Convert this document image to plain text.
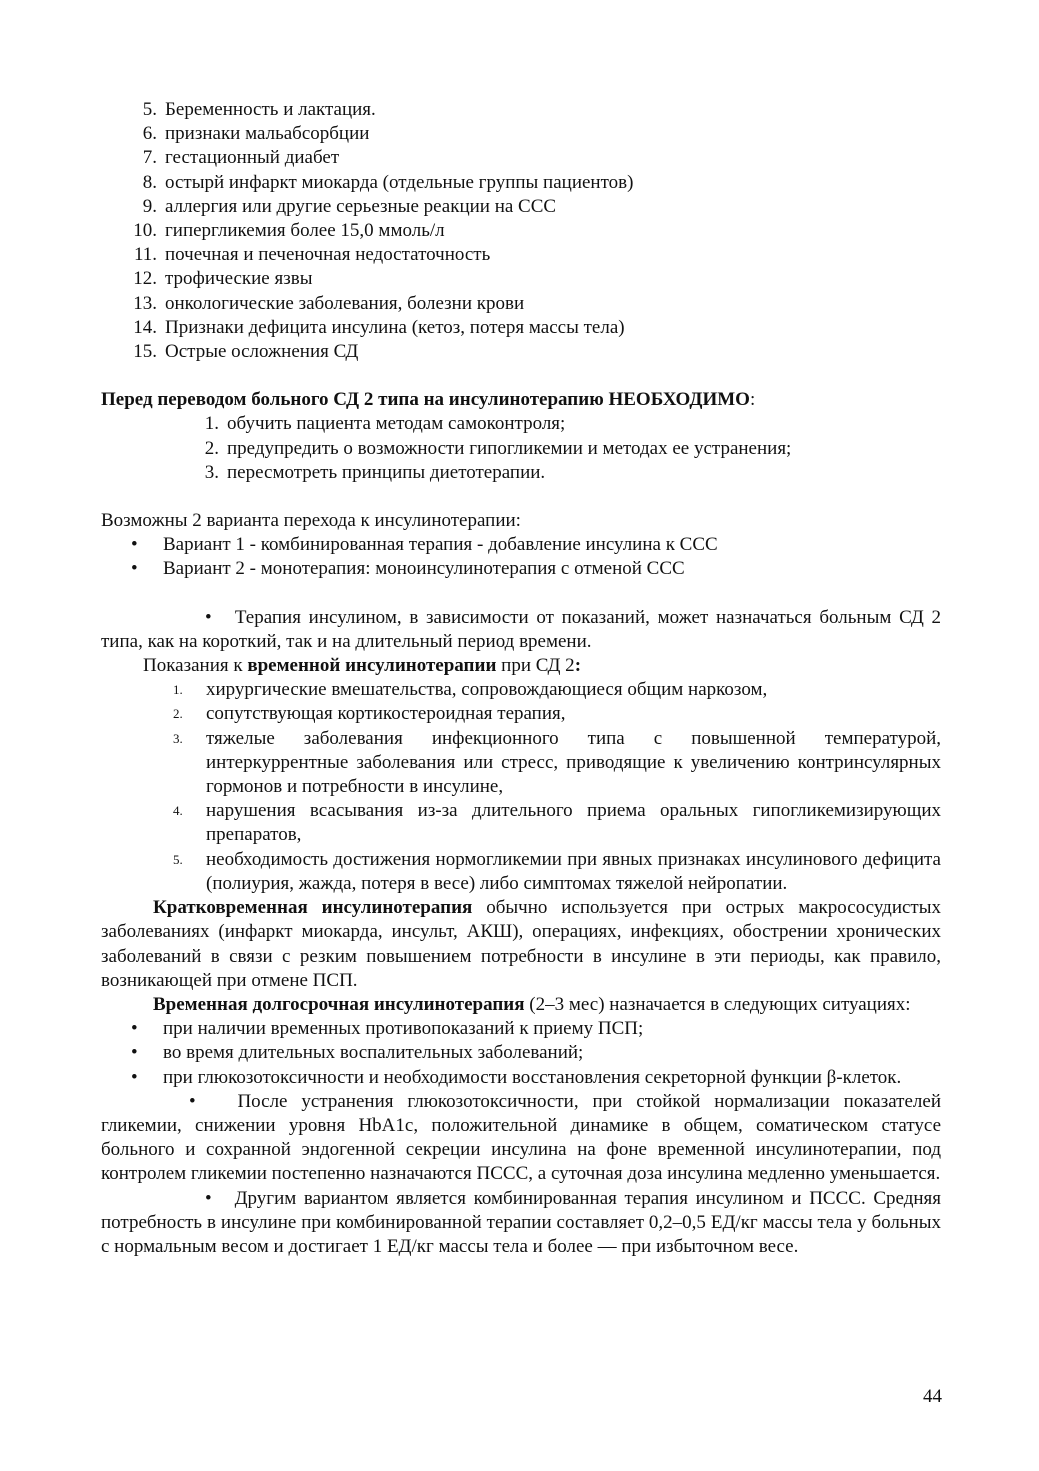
5. Беременность и лактация.
6. признаки мальабсорбции
7. гестационный диабет
8. остырй инфаркт миокарда (отдельные группы пациентов)
9. аллергия или другие серьезные реакции на ССС
10. гипергликемия более 15,0 ммоль/л
11. почечная и печеночная недостаточность
12. трофические язвы
13. онкологические заболевания, болезни крови
14. Признаки дефицита инсулина (кетоз, потеря массы тела)
15. Острые осложнения СД
Перед переводом больного СД 2 типа на инсулинотерапию НЕОБХОДИМО:
1. обучить пациента методам самоконтроля;
2. предупредить о возможности гипогликемии и методах ее устранения;
3. пересмотреть принципы диетотерапии.
Возможны 2 варианта перехода к инсулинотерапии:
• Вариант 1 - комбинированная терапия - добавление инсулина к ССС
• Вариант 2 - монотерапия: моноинсулинотерапия с отменой ССС

• Терапия инсулином, в зависимости от показаний, может назначаться больным СД 2 типа, как на короткий, так и на длительный период времени.

Показания к временной инсулинотерапии при СД 2:
1.	хирургические вмешательства, сопровождающиеся общим наркозом,
2.	сопутствующая кортикостероидная терапия,
3.	тяжелые заболевания инфекционного типа с повышенной температурой, интеркуррентные заболевания или стресс, приводящие к увеличению контринсулярных гормонов и потребности в инсулине,
4.	нарушения всасывания из-за длительного приема оральных гипогликемизирующих препаратов,
5.	необходимость достижения нормогликемии при явных признаках инсулинового дефицита (полиурия, жажда, потеря в весе) либо симптомах тяжелой нейропатии.

Кратковременная инсулинотерапия обычно используется при острых макрососудистых заболеваниях (инфаркт миокарда, инсульт, АКШ), операциях, инфекциях, обострении хронических заболеваний в связи с резким повышением потребности в инсулине в эти периоды, как правило, возникающей при отмене ПСП.

Временная долгосрочная инсулинотерапия (2–3 мес) назначается в следующих ситуациях:

• при наличии временных противопоказаний к приему ПСП;
• во время длительных воспалительных заболеваний;
• при глюкозотоксичности и необходимости восстановления секреторной функции β-клеток.

• После устранения глюкозотоксичности, при стойкой нормализации показателей гликемии, снижении уровня HbA1c, положительной динамике в общем, соматическом статусе больного и сохранной эндогенной секреции инсулина на фоне временной инсулинотерапии, под контролем гликемии постепенно назначаются ПССС, а суточная доза инсулина медленно уменьшается.

• Другим вариантом является комбинированная терапия инсулином и ПССС. Средняя потребность в инсулине при комбинированной терапии составляет 0,2–0,5 ЕД/кг массы тела у больных с нормальным весом и достигает 1 ЕД/кг массы тела и более — при избыточном весе.

44
